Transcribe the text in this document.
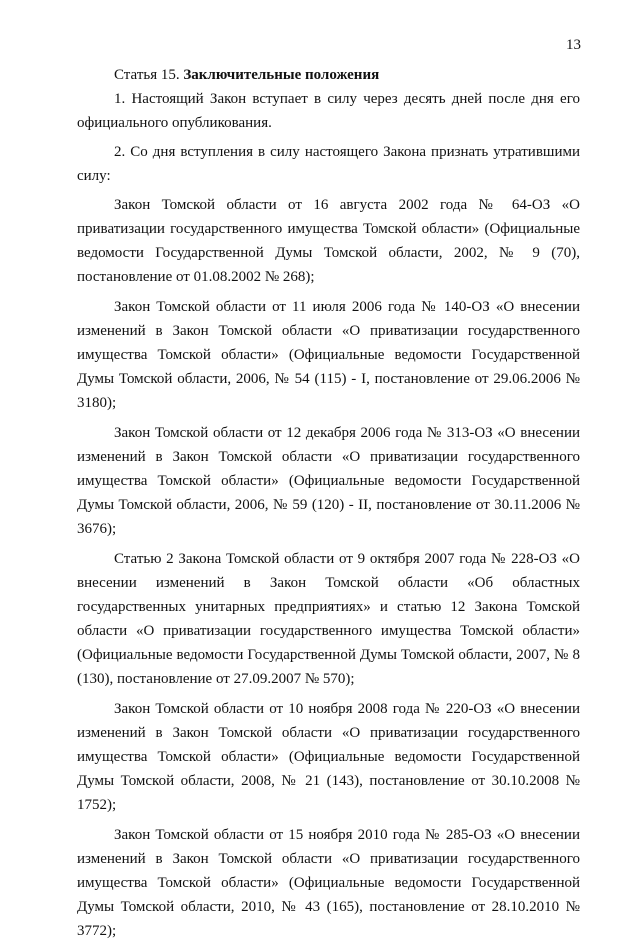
13

Статья 15. Заключительные положения

1. Настоящий Закон вступает в силу через десять дней после дня его официального опубликования.

2. Со дня вступления в силу настоящего Закона признать утратившими силу:

Закон Томской области от 16 августа 2002 года № 64-ОЗ «О приватизации государственного имущества Томской области» (Официальные ведомости Государственной Думы Томской области, 2002, № 9 (70), постановление от 01.08.2002 № 268);

Закон Томской области от 11 июля 2006 года № 140-ОЗ «О внесении изменений в Закон Томской области «О приватизации государственного имущества Томской области» (Официальные ведомости Государственной Думы Томской области, 2006, № 54 (115) - I, постановление от 29.06.2006 № 3180);

Закон Томской области от 12 декабря 2006 года № 313-ОЗ «О внесении изменений в Закон Томской области «О приватизации государственного имущества Томской области» (Официальные ведомости Государственной Думы Томской области, 2006, № 59 (120) - II, постановление от 30.11.2006 № 3676);

Статью 2 Закона Томской области от 9 октября 2007 года № 228-ОЗ «О внесении изменений в Закон Томской области «Об областных государственных унитарных предприятиях» и статью 12 Закона Томской области «О приватизации государственного имущества Томской области» (Официальные ведомости Государственной Думы Томской области, 2007, № 8 (130), постановление от 27.09.2007 № 570);

Закон Томской области от 10 ноября 2008 года № 220-ОЗ «О внесении изменений в Закон Томской области «О приватизации государственного имущества Томской области» (Официальные ведомости Государственной Думы Томской области, 2008, № 21 (143), постановление от 30.10.2008 № 1752);

Закон Томской области от 15 ноября 2010 года № 285-ОЗ «О внесении изменений в Закон Томской области «О приватизации государственного имущества Томской области» (Официальные ведомости Государственной Думы Томской области, 2010, № 43 (165), постановление от 28.10.2010 № 3772);
